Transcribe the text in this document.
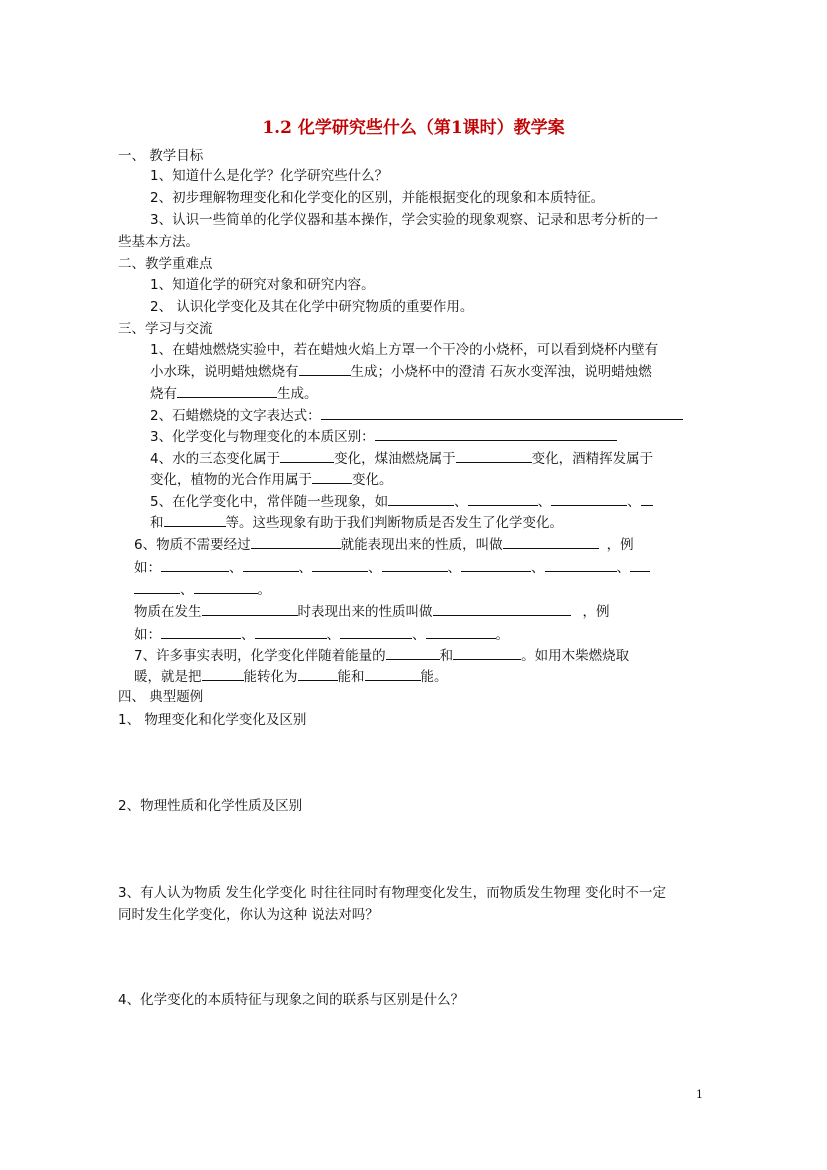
1.2 化学研究些什么（第1课时）教学案
一、 教学目标
1、知道什么是化学？化学研究些什么？
2、初步理解物理变化和化学变化的区别，并能根据变化的现象和本质特征。
3、认识一些简单的化学仪器和基本操作，学会实验的现象观察、记录和思考分析的一
些基本方法。
二、教学重难点
1、知道化学的研究对象和研究内容。
2、 认识化学变化及其在化学中研究物质的重要作用。
三、学习与交流
1、在蜡烛燃烧实验中，若在蜡烛火焰上方罩一个干冷的小烧杯，可以看到烧杯内壁有
小水珠，说明蜡烛燃烧有	生成；小烧杯中的澄清 石灰水变浑浊，说明蜡烛燃
烧有	生成。
2、石蜡燃烧的文字表达式：
3、化学变化与物理变化的本质区别：
4、水的三态变化属于	变化，煤油燃烧属于	变化，酒精挥发属于
变化，植物的光合作用属于	变化。
5、在化学变化中，常伴随一些现象，如	、	、	、
和	等。这些现象有助于我们判断物质是否发生了化学变化。
6、物质不需要经过	就能表现出来的性质，叫做	，例
如：	、	、	、	、	、	、
、	。
物质在发生	时表现出来的性质叫做	，例
如：	、	、	、	。
7、许多事实表明，化学变化伴随着能量的	和	。如用木柴燃烧取
暖，就是把	能转化为	能和	能。
四、 典型题例
1、 物理变化和化学变化及区别
2、物理性质和化学性质及区别
3、有人认为物质 发生化学变化 时往往同时有物理变化发生，而物质发生物理 变化时不一定
同时发生化学变化，你认为这种 说法对吗？
4、化学变化的本质特征与现象之间的联系与区别是什么？
1
